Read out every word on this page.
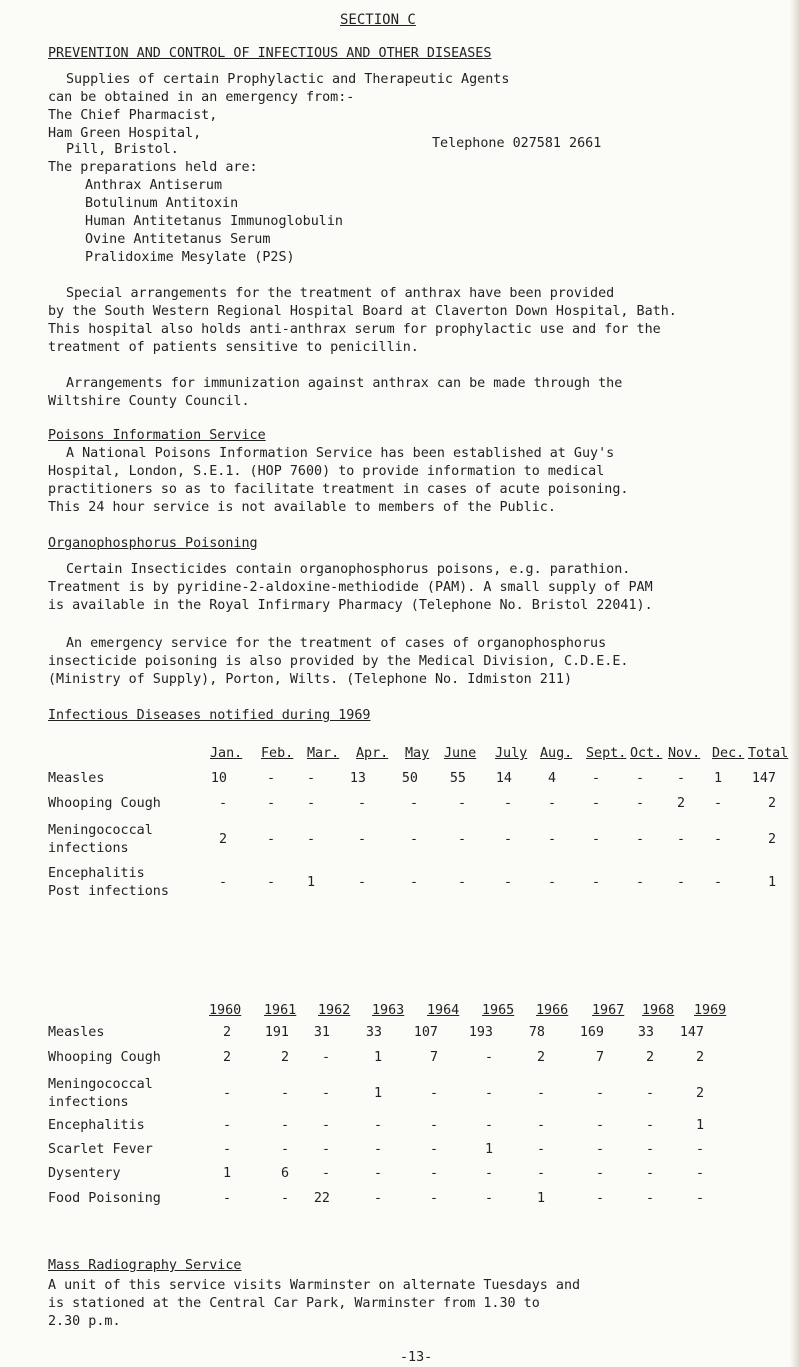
SECTION C
PREVENTION AND CONTROL OF INFECTIOUS AND OTHER DISEASES
Supplies of certain Prophylactic and Therapeutic Agents
can be obtained in an emergency from:-
The Chief Pharmacist,
Ham Green Hospital,
Pill, Bristol.	Telephone 027581 2661
The preparations held are:
Anthrax Antiserum
Botulinum Antitoxin
Human Antitetanus Immunoglobulin
Ovine Antitetanus Serum
Pralidoxime Mesylate (P2S)
Special arrangements for the treatment of anthrax have been provided
by the South Western Regional Hospital Board at Claverton Down Hospital, Bath.
This hospital also holds anti-anthrax serum for prophylactic use and for the
treatment of patients sensitive to penicillin.
Arrangements for immunization against anthrax can be made through the
Wiltshire County Council.
Poisons Information Service
A National Poisons Information Service has been established at Guy's
Hospital, London, S.E.1. (HOP 7600) to provide information to medical
practitioners so as to facilitate treatment in cases of acute poisoning.
This 24 hour service is not available to members of the Public.
Organophosphorus Poisoning
Certain Insecticides contain organophosphorus poisons, e.g. parathion.
Treatment is by pyridine-2-aldoxine-methiodide (PAM). A small supply of PAM
is available in the Royal Infirmary Pharmacy (Telephone No. Bristol 22041).
An emergency service for the treatment of cases of organophosphorus
insecticide poisoning is also provided by the Medical Division, C.D.E.E.
(Ministry of Supply), Porton, Wilts. (Telephone No. Idmiston 211)
Infectious Diseases notified during 1969
Jan. Feb. Mar. Apr. May June July Aug. Sept. Oct. Nov. Dec. Total
Measles	10	-	-	13	50	55	14	4	-	-	-	1	147
Whooping Cough	-	-	-	-	-	-	-	-	-	-	2	-	2
Meningococcal
infections
2	-	-	-	-	-	-	-	-	-	-	-	2
Encephalitis
Post infections
-	-	1	-	-	-	-	-	-	-	-	-	1
1960 1961 1962 1963 1964 1965 1966 1967 1968 1969
Measles	2	191	31	33	107	193	78	169	33	147
Whooping Cough	2	2	-	1	7	-	2	7	2	2
Meningococcal
infections
-	-	-	1	-	-	-	-	-	2
Encephalitis	-	-	-	-	-	-	-	-	-	1
Scarlet Fever	-	-	-	-	-	1	-	-	-	-
Dysentery	1	6	-	-	-	-	-	-	-	-
Food Poisoning	-	-	22	-	-	-	1	-	-	-
Mass Radiography Service
A unit of this service visits Warminster on alternate Tuesdays and
is stationed at the Central Car Park, Warminster from 1.30 to
2.30 p.m.
-13-
